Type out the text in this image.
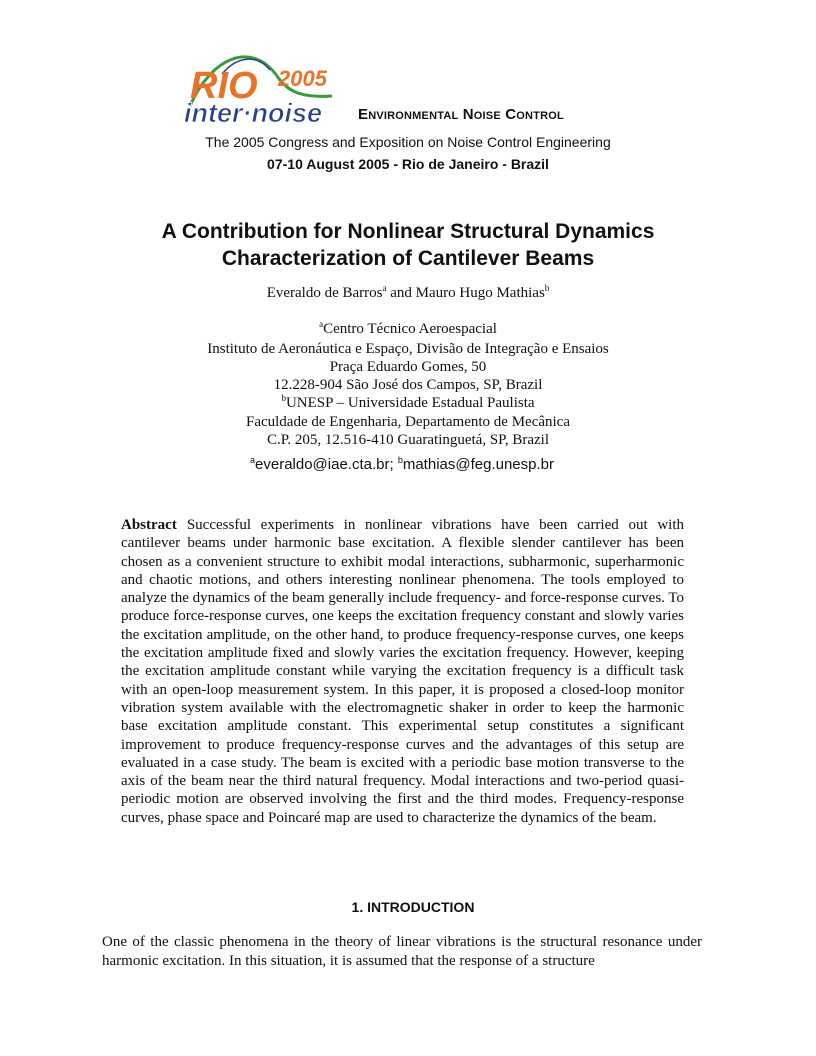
RIO 2005
inter·noise Environmental Noise Control
The 2005 Congress and Exposition on Noise Control Engineering
07-10 August 2005 - Rio de Janeiro - Brazil
A Contribution for Nonlinear Structural Dynamics
Characterization of Cantilever Beams
Everaldo de Barros$^a$ and Mauro Hugo Mathias$^b$
$^a$Centro Técnico Aeroespacial
Instituto de Aeronáutica e Espaço, Divisão de Integração e Ensaios
Praça Eduardo Gomes, 50
12.228-904 São José dos Campos, SP, Brazil
$^b$UNESP – Universidade Estadual Paulista
Faculdade de Engenharia, Departamento de Mecânica
C.P. 205, 12.516-410 Guaratinguetá, SP, Brazil
$^a$everaldo@iae.cta.br; $^b$mathias@feg.unesp.br
Abstract Successful experiments in nonlinear vibrations have been carried out with cantilever beams under harmonic base excitation. A flexible slender cantilever has been chosen as a convenient structure to exhibit modal interactions, subharmonic, superharmonic and chaotic motions, and others interesting nonlinear phenomena. The tools employed to analyze the dynamics of the beam generally include frequency- and force-response curves. To produce force-response curves, one keeps the excitation frequency constant and slowly varies the excitation amplitude, on the other hand, to produce frequency-response curves, one keeps the excitation amplitude fixed and slowly varies the excitation frequency. However, keeping the excitation amplitude constant while varying the excitation frequency is a difficult task with an open-loop measurement system. In this paper, it is proposed a closed-loop monitor vibration system available with the electromagnetic shaker in order to keep the harmonic base excitation amplitude constant. This experimental setup constitutes a significant improvement to produce frequency-response curves and the advantages of this setup are evaluated in a case study. The beam is excited with a periodic base motion transverse to the axis of the beam near the third natural frequency. Modal interactions and two-period quasi-periodic motion are observed involving the first and the third modes. Frequency-response curves, phase space and Poincaré map are used to characterize the dynamics of the beam.
1. INTRODUCTION
One of the classic phenomena in the theory of linear vibrations is the structural resonance under harmonic excitation. In this situation, it is assumed that the response of a structure
